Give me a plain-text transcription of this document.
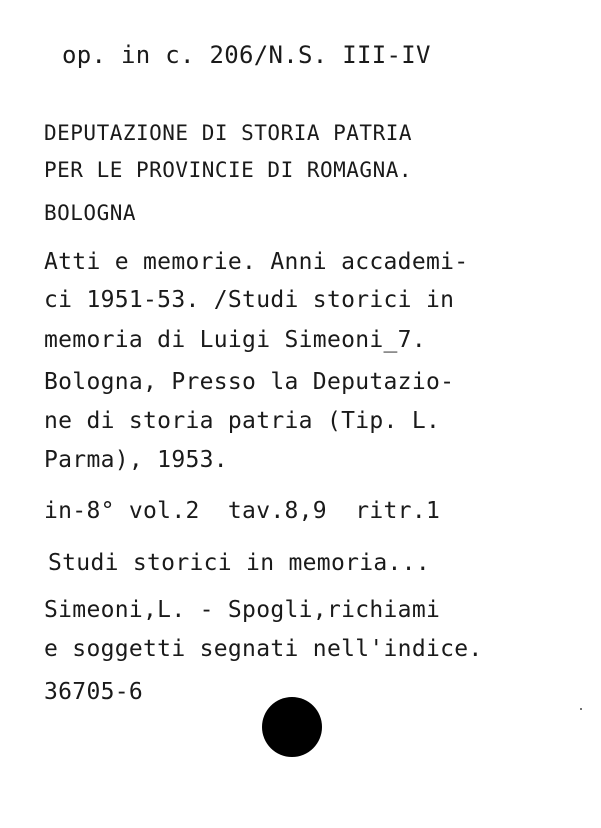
op. in c. 206/N.S. III-IV
DEPUTAZIONE DI STORIA PATRIA
PER LE PROVINCIE DI ROMAGNA.
BOLOGNA
Atti e memorie. Anni accademi-
ci 1951-53. /Studi storici in
memoria di Luigi Simeoni_7.
Bologna, Presso la Deputazio-
ne di storia patria (Tip. L.
Parma), 1953.
in-8° vol.2  tav.8,9  ritr.1
Studi storici in memoria...
Simeoni,L. - Spogli,richiami
e soggetti segnati nell'indice.
36705-6
